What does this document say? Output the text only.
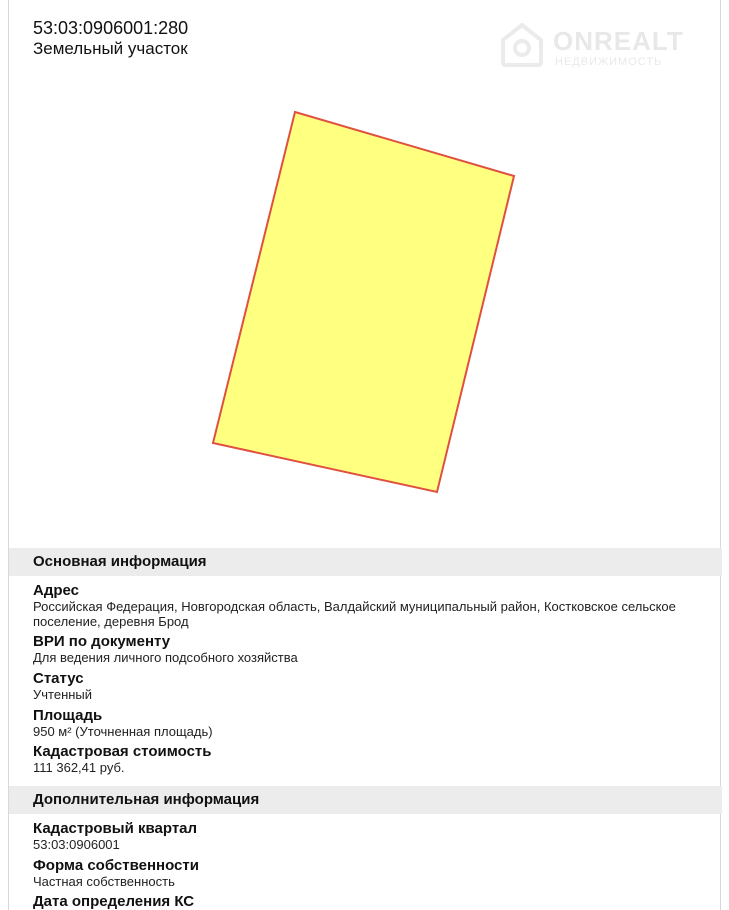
53:03:0906001:280
Земельный участок	ONREALT
НЕДВИЖИМОСТЬ
Основная информация
Адрес
Российская Федерация, Новгородская область, Валдайский муниципальный район, Костковское сельское поселение, деревня Брод
ВРИ по документу
Для ведения личного подсобного хозяйства
Статус
Учтенный
Площадь
950 м² (Уточненная площадь)
Кадастровая стоимость
111 362,41 руб.
Дополнительная информация
Кадастровый квартал
53:03:0906001
Форма собственности
Частная собственность
Дата определения КС
